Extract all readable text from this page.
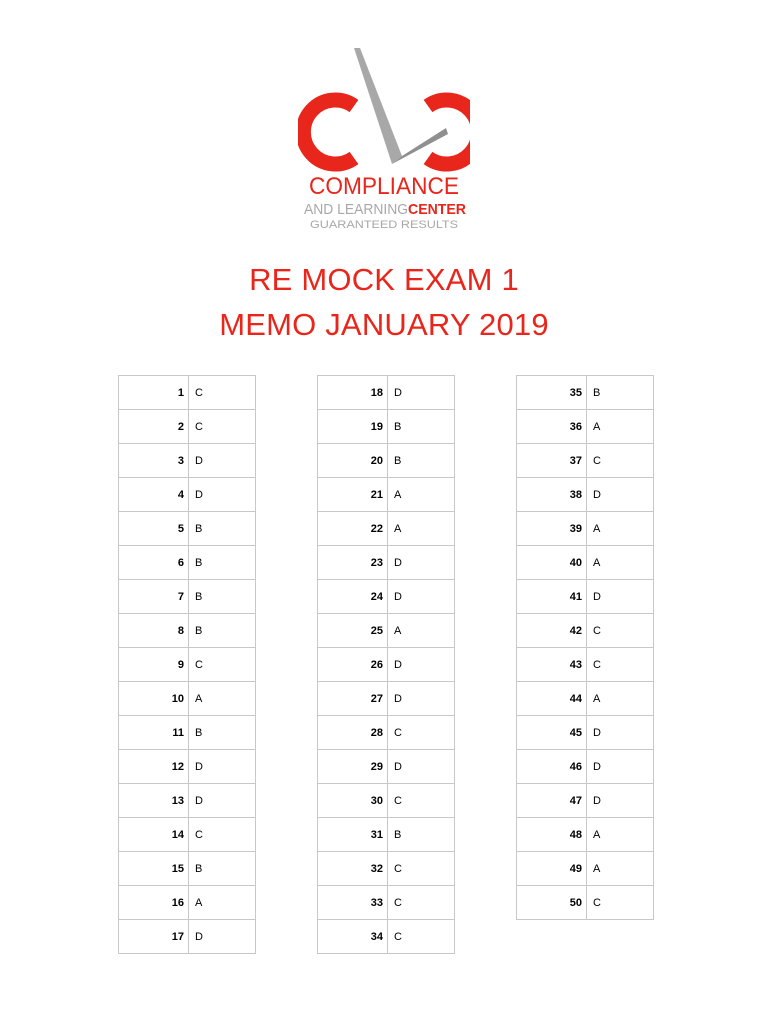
COMPLIANCE
AND LEARNING CENTER
GUARANTEED RESULTS
RE MOCK EXAM 1
MEMO JANUARY 2019
1	C
2	C
3	D
4	D
5	B
6	B
7	B
8	B
9	C
10	A
11	B
12	D
13	D
14	C
15	B
16	A
17	D
18	D
19	B
20	B
21	A
22	A
23	D
24	D
25	A
26	D
27	D
28	C
29	D
30	C
31	B
32	C
33	C
34	C
35	B
36	A
37	C
38	D
39	A
40	A
41	D
42	C
43	C
44	A
45	D
46	D
47	D
48	A
49	A
50	C
